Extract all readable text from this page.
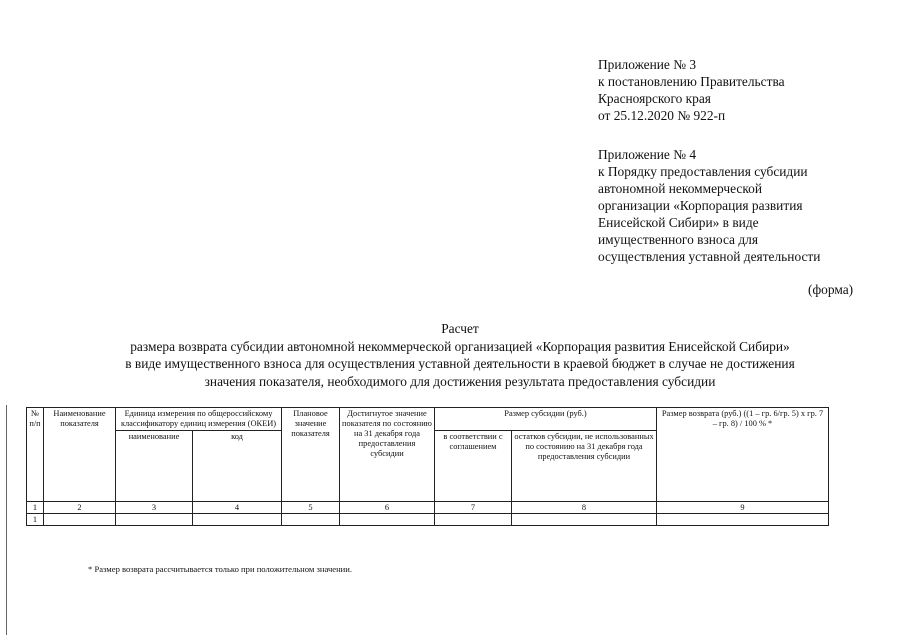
Приложение № 3
к постановлению Правительства
Красноярского края
от 25.12.2020 № 922-п
Приложение № 4
к Порядку предоставления субсидии
автономной некоммерческой
организации «Корпорация развития
Енисейской Сибири» в виде
имущественного взноса для
осуществления уставной деятельности
(форма)
Расчет
размера возврата субсидии автономной некоммерческой организацией «Корпорация развития Енисейской Сибири»
в виде имущественного взноса для осуществления уставной деятельности в краевой бюджет в случае не достижения
значения показателя, необходимого для достижения результата предоставления субсидии
№ п/п	Наименование показателя	Единица измерения по общероссийскому классификатору единиц измерения (ОКЕИ)		Плановое значение показателя	Достигнутое значение показателя по состоянию на 31 декабря года предоставления субсидии	Размер субсидии (руб.)		Размер возврата (руб.) ((1 – гр. 6/гр. 5) х гр. 7 – гр. 8) / 100 % *
		наименование	код			в соответствии с соглашением	остатков субсидии, не использованных по состоянию на 31 декабря года предоставления субсидии	
1	2	3	4	5	6	7	8	9
1								
* Размер возврата рассчитывается только при положительном значении.
